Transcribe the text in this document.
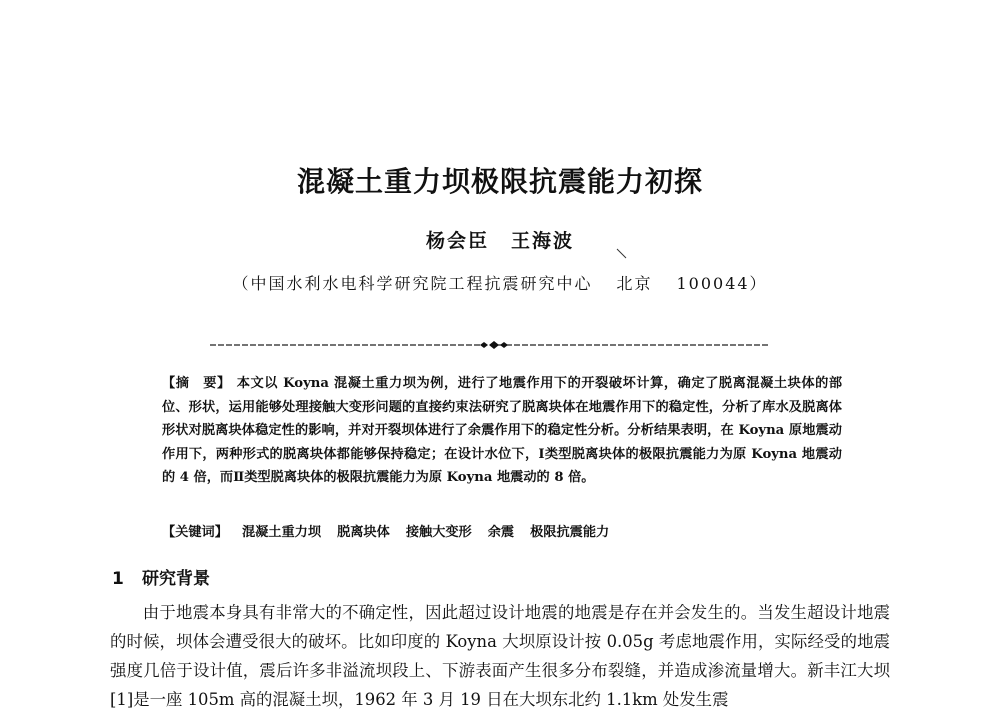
混凝土重力坝极限抗震能力初探
杨会臣 王海波
（中国水利水电科学研究院工程抗震研究中心 北京 100044）
【摘　要】 本文以 Koyna 混凝土重力坝为例，进行了地震作用下的开裂破坏计算，确定了脱离混凝土块体的部位、形状，运用能够处理接触大变形问题的直接约束法研究了脱离块体在地震作用下的稳定性，分析了库水及脱离体形状对脱离块体稳定性的影响，并对开裂坝体进行了余震作用下的稳定性分析。分析结果表明，在 Koyna 原地震动作用下，两种形式的脱离块体都能够保持稳定；在设计水位下，Ⅰ类型脱离块体的极限抗震能力为原 Koyna 地震动的 4 倍，而Ⅱ类型脱离块体的极限抗震能力为原 Koyna 地震动的 8 倍。
【关键词】 混凝土重力坝 脱离块体 接触大变形 余震 极限抗震能力
1 研究背景
由于地震本身具有非常大的不确定性，因此超过设计地震的地震是存在并会发生的。当发生超设计地震的时候，坝体会遭受很大的破坏。比如印度的 Koyna 大坝原设计按 0.05g 考虑地震作用，实际经受的地震强度几倍于设计值，震后许多非溢流坝段上、下游表面产生很多分布裂缝，并造成渗流量增大。新丰江大坝[1]是一座 105m 高的混凝土坝，1962 年 3 月 19 日在大坝东北约 1.1km 处发生震
